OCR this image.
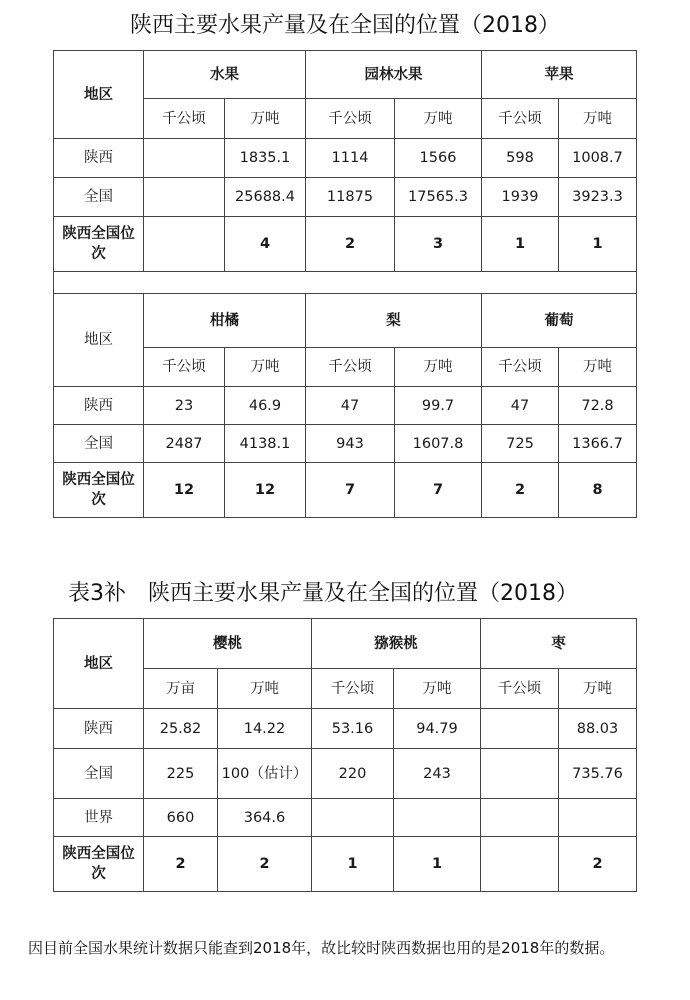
陕西主要水果产量及在全国的位置（2018）
地区	水果		园林水果		苹果	
	千公顷	万吨	千公顷	万吨	千公顷	万吨
陕西		1835.1	1114	1566	598	1008.7
全国		25688.4	11875	17565.3	1939	3923.3
陕西全国位次		4	2	3	1	1

地区	柑橘		梨		葡萄	
	千公顷	万吨	千公顷	万吨	千公顷	万吨
陕西	23	46.9	47	99.7	47	72.8
全国	2487	4138.1	943	1607.8	725	1366.7
陕西全国位次	12	12	7	7	2	8
表3补　陕西主要水果产量及在全国的位置（2018）
地区	樱桃		猕猴桃		枣	
	万亩	万吨	千公顷	万吨	千公顷	万吨
陕西	25.82	14.22	53.16	94.79		88.03
全国	225	100（估计）	220	243		735.76
世界	660	364.6				
陕西全国位次	2	2	1	1		2
因目前全国水果统计数据只能查到2018年，故比较时陕西数据也用的是2018年的数据。
